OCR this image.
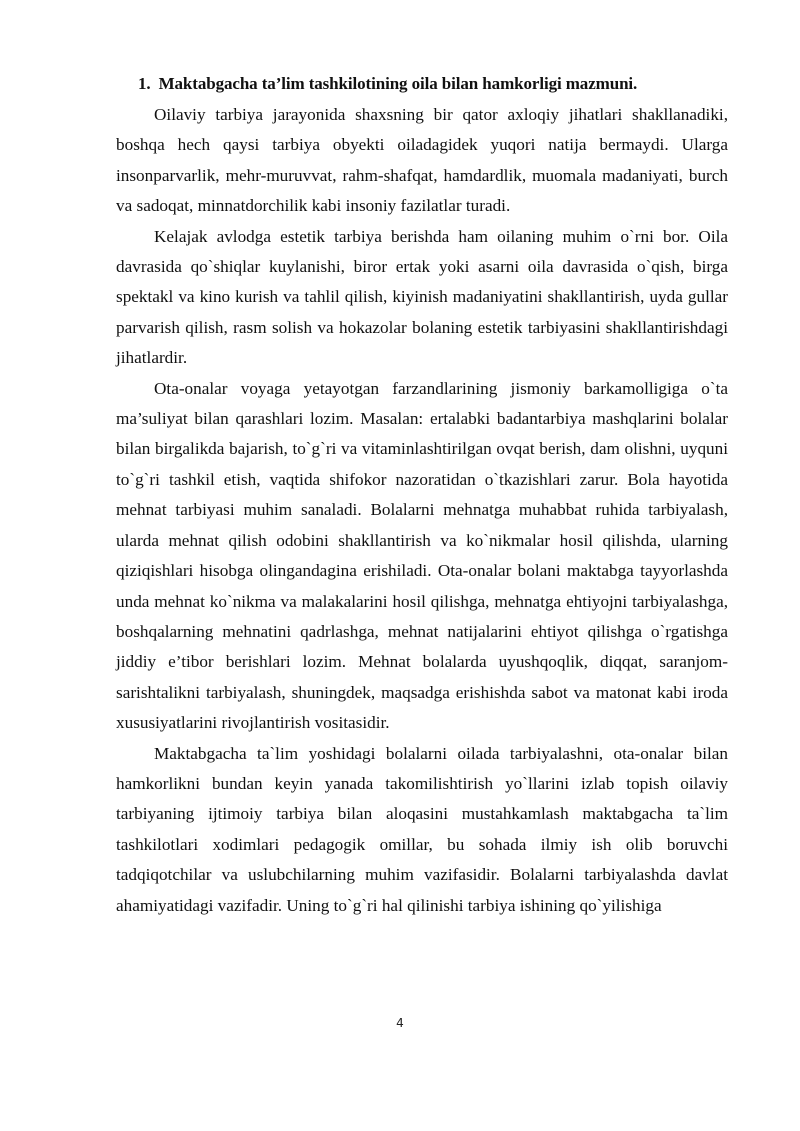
1. Maktabgacha ta’lim tashkilotining oila bilan hamkorligi mazmuni.

Oilaviy tarbiya jarayonida shaxsning bir qator axloqiy jihatlari shakllanadiki, boshqa hech qaysi tarbiya obyekti oiladagidek yuqori natija bermaydi. Ularga insonparvarlik, mehr-muruvvat, rahm-shafqat, hamdardlik, muomala madaniyati, burch va sadoqat, minnatdorchilik kabi insoniy fazilatlar turadi.

Kelajak avlodga estetik tarbiya berishda ham oilaning muhim o`rni bor. Oila davrasida qo`shiqlar kuylanishi, biror ertak yoki asarni oila davrasida o`qish, birga spektakl va kino kurish va tahlil qilish, kiyinish madaniyatini shakllantirish, uyda gullar parvarish qilish, rasm solish va hokazolar bolaning estetik tarbiyasini shakllantirishdagi jihatlardir.

Ota-onalar voyaga yetayotgan farzandlarining jismoniy barkamolligiga o`ta ma’suliyat bilan qarashlari lozim. Masalan: ertalabki badantarbiya mashqlarini bolalar bilan birgalikda bajarish, to`g`ri va vitaminlashtirilgan ovqat berish, dam olishni, uyquni to`g`ri tashkil etish, vaqtida shifokor nazoratidan o`tkazishlari zarur. Bola hayotida mehnat tarbiyasi muhim sanaladi. Bolalarni mehnatga muhabbat ruhida tarbiyalash, ularda mehnat qilish odobini shakllantirish va ko`nikmalar hosil qilishda, ularning qiziqishlari hisobga olingandagina erishiladi. Ota-onalar bolani maktabga tayyorlashda unda mehnat ko`nikma va malakalarini hosil qilishga, mehnatga ehtiyojni tarbiyalashga, boshqalarning mehnatini qadrlashga, mehnat natijalarini ehtiyot qilishga o`rgatishga jiddiy e’tibor berishlari lozim. Mehnat bolalarda uyushqoqlik, diqqat, saranjom-sarishtalikni tarbiyalash, shuningdek, maqsadga erishishda sabot va matonat kabi iroda xususiyatlarini rivojlantirish vositasidir.

Maktabgacha ta`lim yoshidagi bolalarni oilada tarbiyalashni, ota-onalar bilan hamkorlikni bundan keyin yanada takomilishtirish yo`llarini izlab topish oilaviy tarbiyaning ijtimoiy tarbiya bilan aloqasini mustahkamlash maktabgacha ta`lim tashkilotlari xodimlari pedagogik omillar, bu sohada ilmiy ish olib boruvchi tadqiqotchilar va uslubchilarning muhim vazifasidir. Bolalarni tarbiyalashda davlat ahamiyatidagi vazifadir. Uning to`g`ri hal qilinishi tarbiya ishining qo`yilishiga

4
